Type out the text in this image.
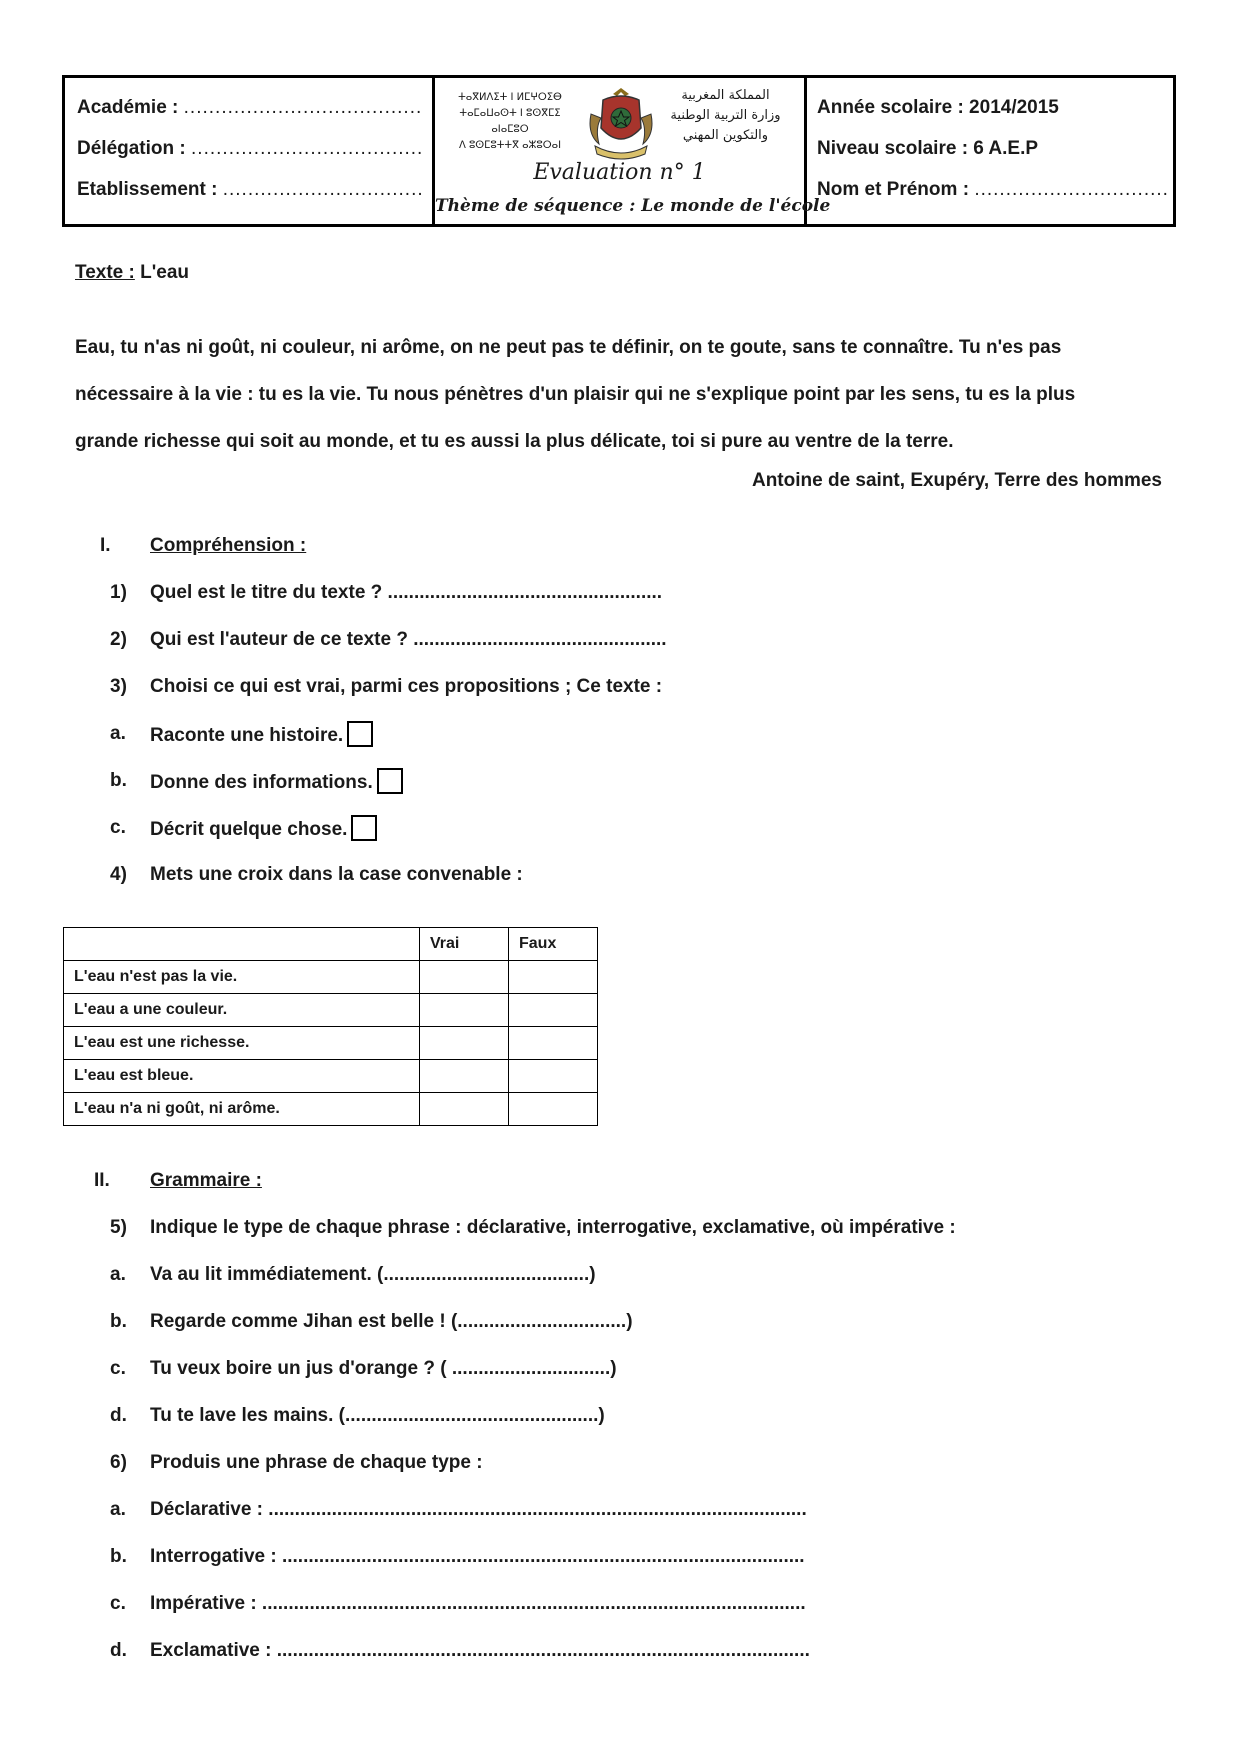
Académie : ......................................
Délégation : .....................................
Etablissement : ................................
ⵜⴰⴳⵍⴷⵉⵜ ⵏ ⵍⵎⵖⵔⵉⴱ
ⵜⴰⵎⴰⵡⴰⵙⵜ ⵏ ⵓⵙⴳⵎⵉ ⴰⵏⴰⵎⵓⵔ
ⴷ ⵓⵙⵎⵓⵜⵜⴳ ⴰⵣⵓⵔⴰⵏ
المملكة المغربية
وزارة التربية الوطنية
والتكوين المهني
Evaluation n° 1
Thème de séquence : Le monde de l'école
Année scolaire : 2014/2015
Niveau scolaire : 6 A.E.P
Nom et Prénom : ...............................
Texte : L'eau
Eau, tu n'as ni goût, ni couleur, ni arôme, on ne peut pas te définir, on te goute, sans te connaître. Tu n'es pas
nécessaire à la vie : tu es la vie. Tu nous pénètres d'un plaisir qui ne s'explique point par les sens, tu es la plus
grande richesse qui soit au monde, et tu es aussi la plus délicate, toi si pure au ventre de la terre.
Antoine de saint, Exupéry, Terre des hommes
I. Compréhension :
1)	Quel est le titre du texte ? ....................................................
2)	Qui est l'auteur de ce texte ? ................................................
3)	Choisi ce qui est vrai, parmi ces propositions ; Ce texte :
a.	Raconte une histoire.
b.	Donne des informations.
c.	Décrit quelque chose.
4)	Mets une croix dans la case convenable :
	Vrai	Faux
L'eau n'est pas la vie.		
L'eau a une couleur.		
L'eau est une richesse.		
L'eau est bleue.		
L'eau n'a ni goût, ni arôme.		
II. Grammaire :
5)	Indique le type de chaque phrase : déclarative, interrogative, exclamative, où impérative :
a.	Va au lit immédiatement. (.......................................)
b.	Regarde comme Jihan est belle ! (................................)
c.	Tu veux boire un jus d'orange ? ( ..............................)
d.	Tu te lave les mains. (................................................)
6)	Produis une phrase de chaque type :
a.	Déclarative : ......................................................................................................
b.	Interrogative : ...................................................................................................
c.	Impérative : .......................................................................................................
d.	Exclamative : .....................................................................................................
